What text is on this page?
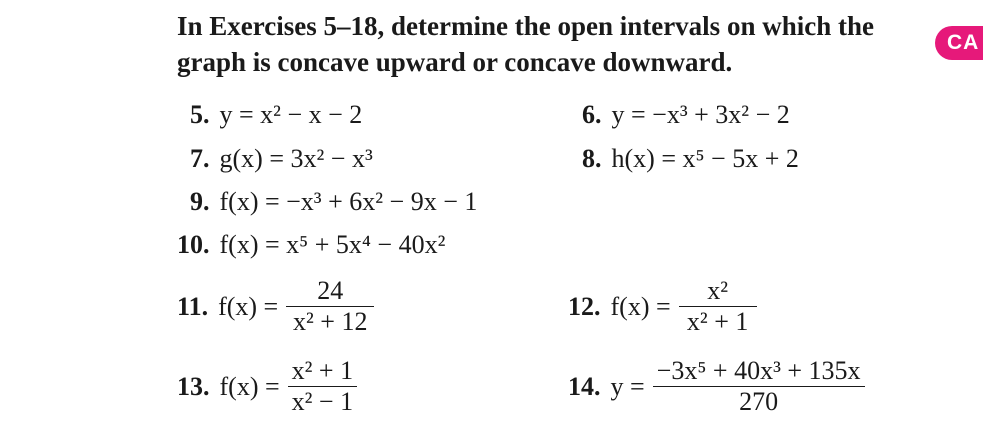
In Exercises 5–18, determine the open intervals on which the
graph is concave upward or concave downward.
CA
5. y = x² − x − 2	6. y = −x³ + 3x² − 2
7. g(x) = 3x² − x³	8. h(x) = x⁵ − 5x + 2
9. f(x) = −x³ + 6x² − 9x − 1
10. f(x) = x⁵ + 5x⁴ − 40x²
11. $f(x) = \frac{24}{\text{x² + 12}}$	12. $f(x) = \frac{\text{x²}}{\text{x² + 1}}$
13. $f(x) = \frac{\text{x² + 1}}{\text{x² − 1}}$	14. $y = \frac{\text{−3x⁵ + 40x³ + 135x}}{270}$
